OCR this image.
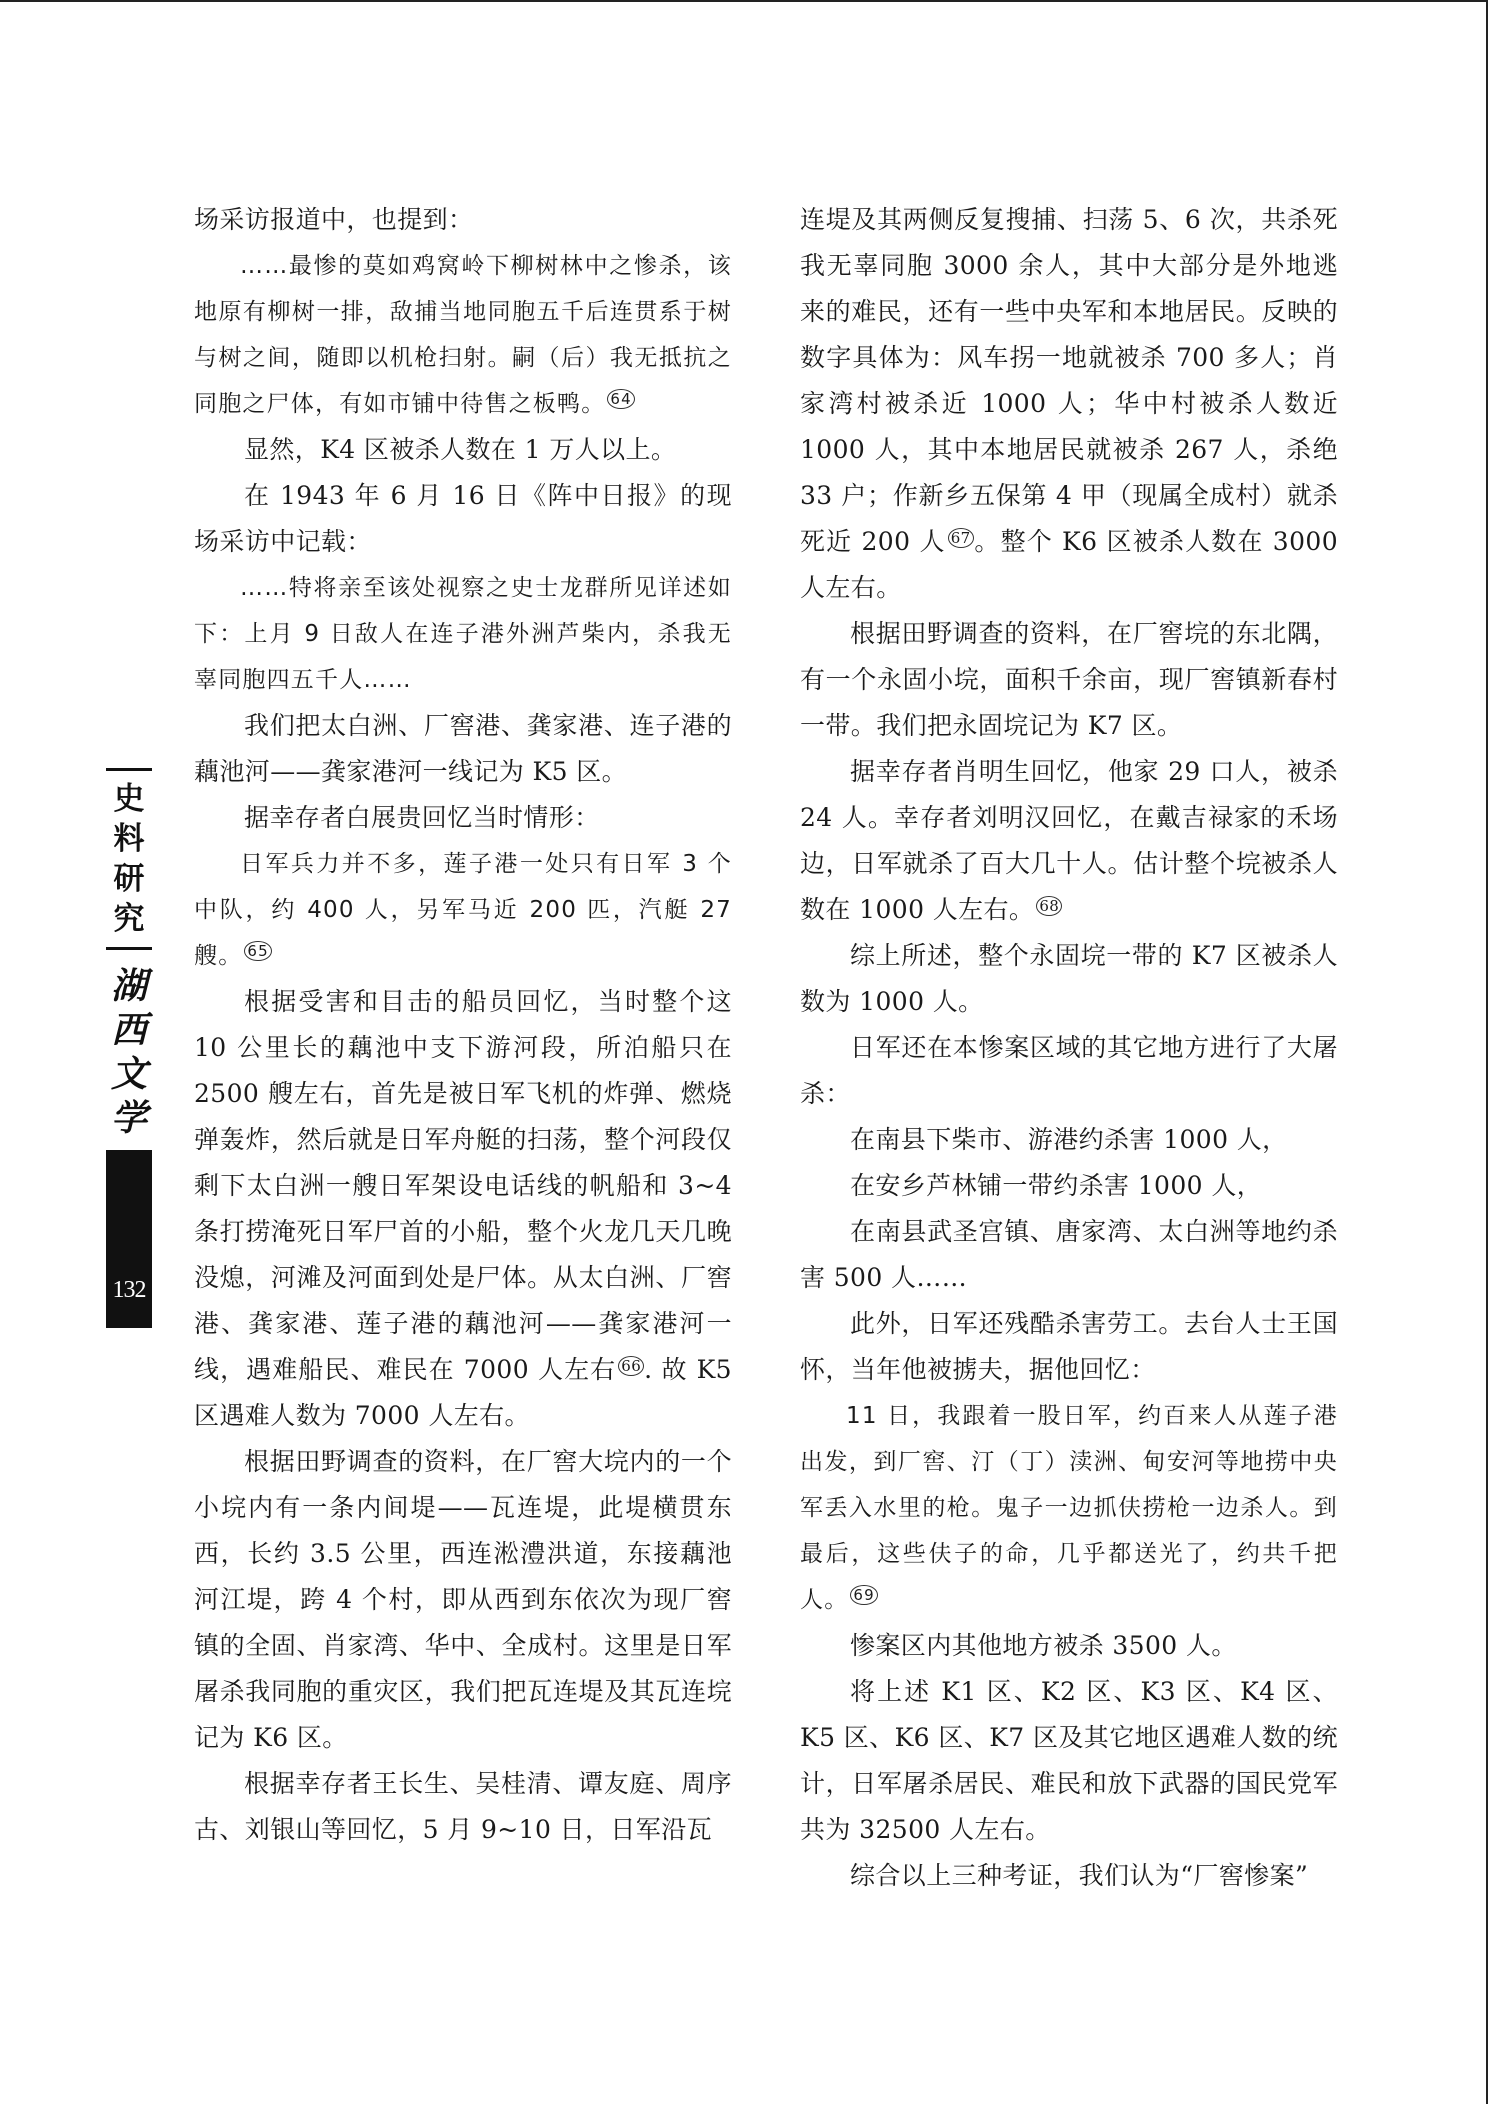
史
料
研
究
湖
西
文
学
132

场采访报道中，也提到：

……最惨的莫如鸡窝岭下柳树林中之惨杀，该地原有柳树一排，敌捕当地同胞五千后连贯系于树与树之间，随即以机枪扫射。嗣（后）我无抵抗之同胞之尸体，有如市铺中待售之板鸭。 $^{64}$

显然，K4 区被杀人数在 1 万人以上。

在 1943 年 6 月 16 日《阵中日报》的现场采访中记载：

……特将亲至该处视察之史士龙群所见详述如下：上月 9 日敌人在连子港外洲芦柴内，杀我无辜同胞四五千人……

我们把太白洲、厂窖港、龚家港、连子港的藕池河——龚家港河一线记为 K5 区。

据幸存者白展贵回忆当时情形：

日军兵力并不多，莲子港一处只有日军 3 个中队，约 400 人，另军马近 200 匹，汽艇 27 艘。 $^{65}$

根据受害和目击的船员回忆，当时整个这 10 公里长的藕池中支下游河段，所泊船只在 2500 艘左右，首先是被日军飞机的炸弹、燃烧弹轰炸，然后就是日军舟艇的扫荡，整个河段仅剩下太白洲一艘日军架设电话线的帆船和 3~4 条打捞淹死日军尸首的小船，整个火龙几天几晚没熄，河滩及河面到处是尸体。从太白洲、厂窖港、龚家港、莲子港的藕池河——龚家港河一线，遇难船民、难民在 7000 人左右 $^{66}$ . 故 K5 区遇难人数为 7000 人左右。

根据田野调查的资料，在厂窖大垸内的一个小垸内有一条内间堤——瓦连堤，此堤横贯东西，长约 3.5 公里，西连淞澧洪道，东接藕池河江堤，跨 4 个村，即从西到东依次为现厂窖镇的全固、肖家湾、华中、全成村。这里是日军屠杀我同胞的重灾区，我们把瓦连堤及其瓦连垸记为 K6 区。

根据幸存者王长生、吴桂清、谭友庭、周序古、刘银山等回忆，5 月 9~10 日，日军沿瓦

连堤及其两侧反复搜捕、扫荡 5、6 次，共杀死我无辜同胞 3000 余人，其中大部分是外地逃来的难民，还有一些中央军和本地居民。反映的数字具体为：风车拐一地就被杀 700 多人；肖家湾村被杀近 1000 人；华中村被杀人数近 1000 人，其中本地居民就被杀 267 人，杀绝 33 户；作新乡五保第 4 甲（现属全成村）就杀死近 200 人 $^{67}$ 。整个 K6 区被杀人数在 3000 人左右。

根据田野调查的资料，在厂窖垸的东北隅，有一个永固小垸，面积千余亩，现厂窖镇新春村一带。我们把永固垸记为 K7 区。

据幸存者肖明生回忆，他家 29 口人，被杀 24 人。幸存者刘明汉回忆，在戴吉禄家的禾场边，日军就杀了百大几十人。估计整个垸被杀人数在 1000 人左右。 $^{68}$

综上所述，整个永固垸一带的 K7 区被杀人数为 1000 人。

日军还在本惨案区域的其它地方进行了大屠杀：

在南县下柴市、游港约杀害 1000 人，

在安乡芦林铺一带约杀害 1000 人，

在南县武圣宫镇、唐家湾、太白洲等地约杀害 500 人……

此外，日军还残酷杀害劳工。去台人士王国怀，当年他被掳夫，据他回忆：

11 日，我跟着一股日军，约百来人从莲子港出发，到厂窖、汀（丁）渎洲、甸安河等地捞中央军丢入水里的枪。鬼子一边抓伕捞枪一边杀人。到最后，这些伕子的命，几乎都送光了，约共千把人。 $^{69}$

惨案区内其他地方被杀 3500 人。

将上述 K1 区、K2 区、K3 区、K4 区、K5 区、K6 区、K7 区及其它地区遇难人数的统计，日军屠杀居民、难民和放下武器的国民党军共为 32500 人左右。

综合以上三种考证，我们认为“厂窖惨案”
